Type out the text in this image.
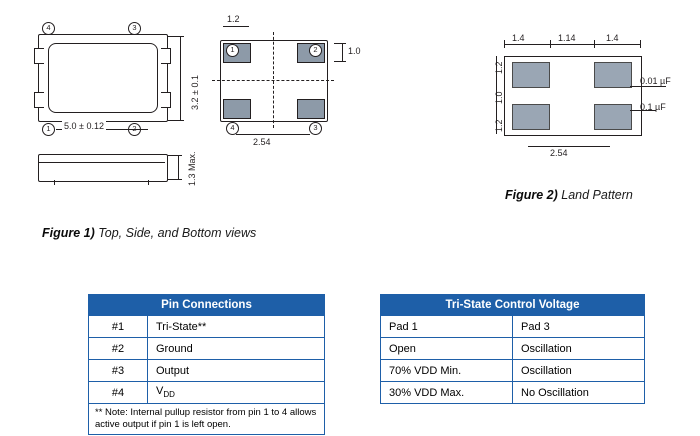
4	3
1	5.0 ± 0.12
3.2 ± 0.1
1.3 Max.
1	2
4	3
1.2
1.0
2.54
Figure 1) Top, Side, and Bottom views
1.4	1.14	1.4
1.2
1.0
1.2
0.01 µF
0.1 µF
2.54
Figure 2) Land Pattern
Pin Connections	
#1	Tri-State**
#2	Ground
#3	Output
#4	$V_{DD}$
** Note: Internal pullup resistor from pin 1 to 4 allows active output if pin 1 is left open.	
Tri-State Control Voltage	
Pad 1	Pad 3
Open	Oscillation
70% VDD Min.	Oscillation
30% VDD Max.	No Oscillation
